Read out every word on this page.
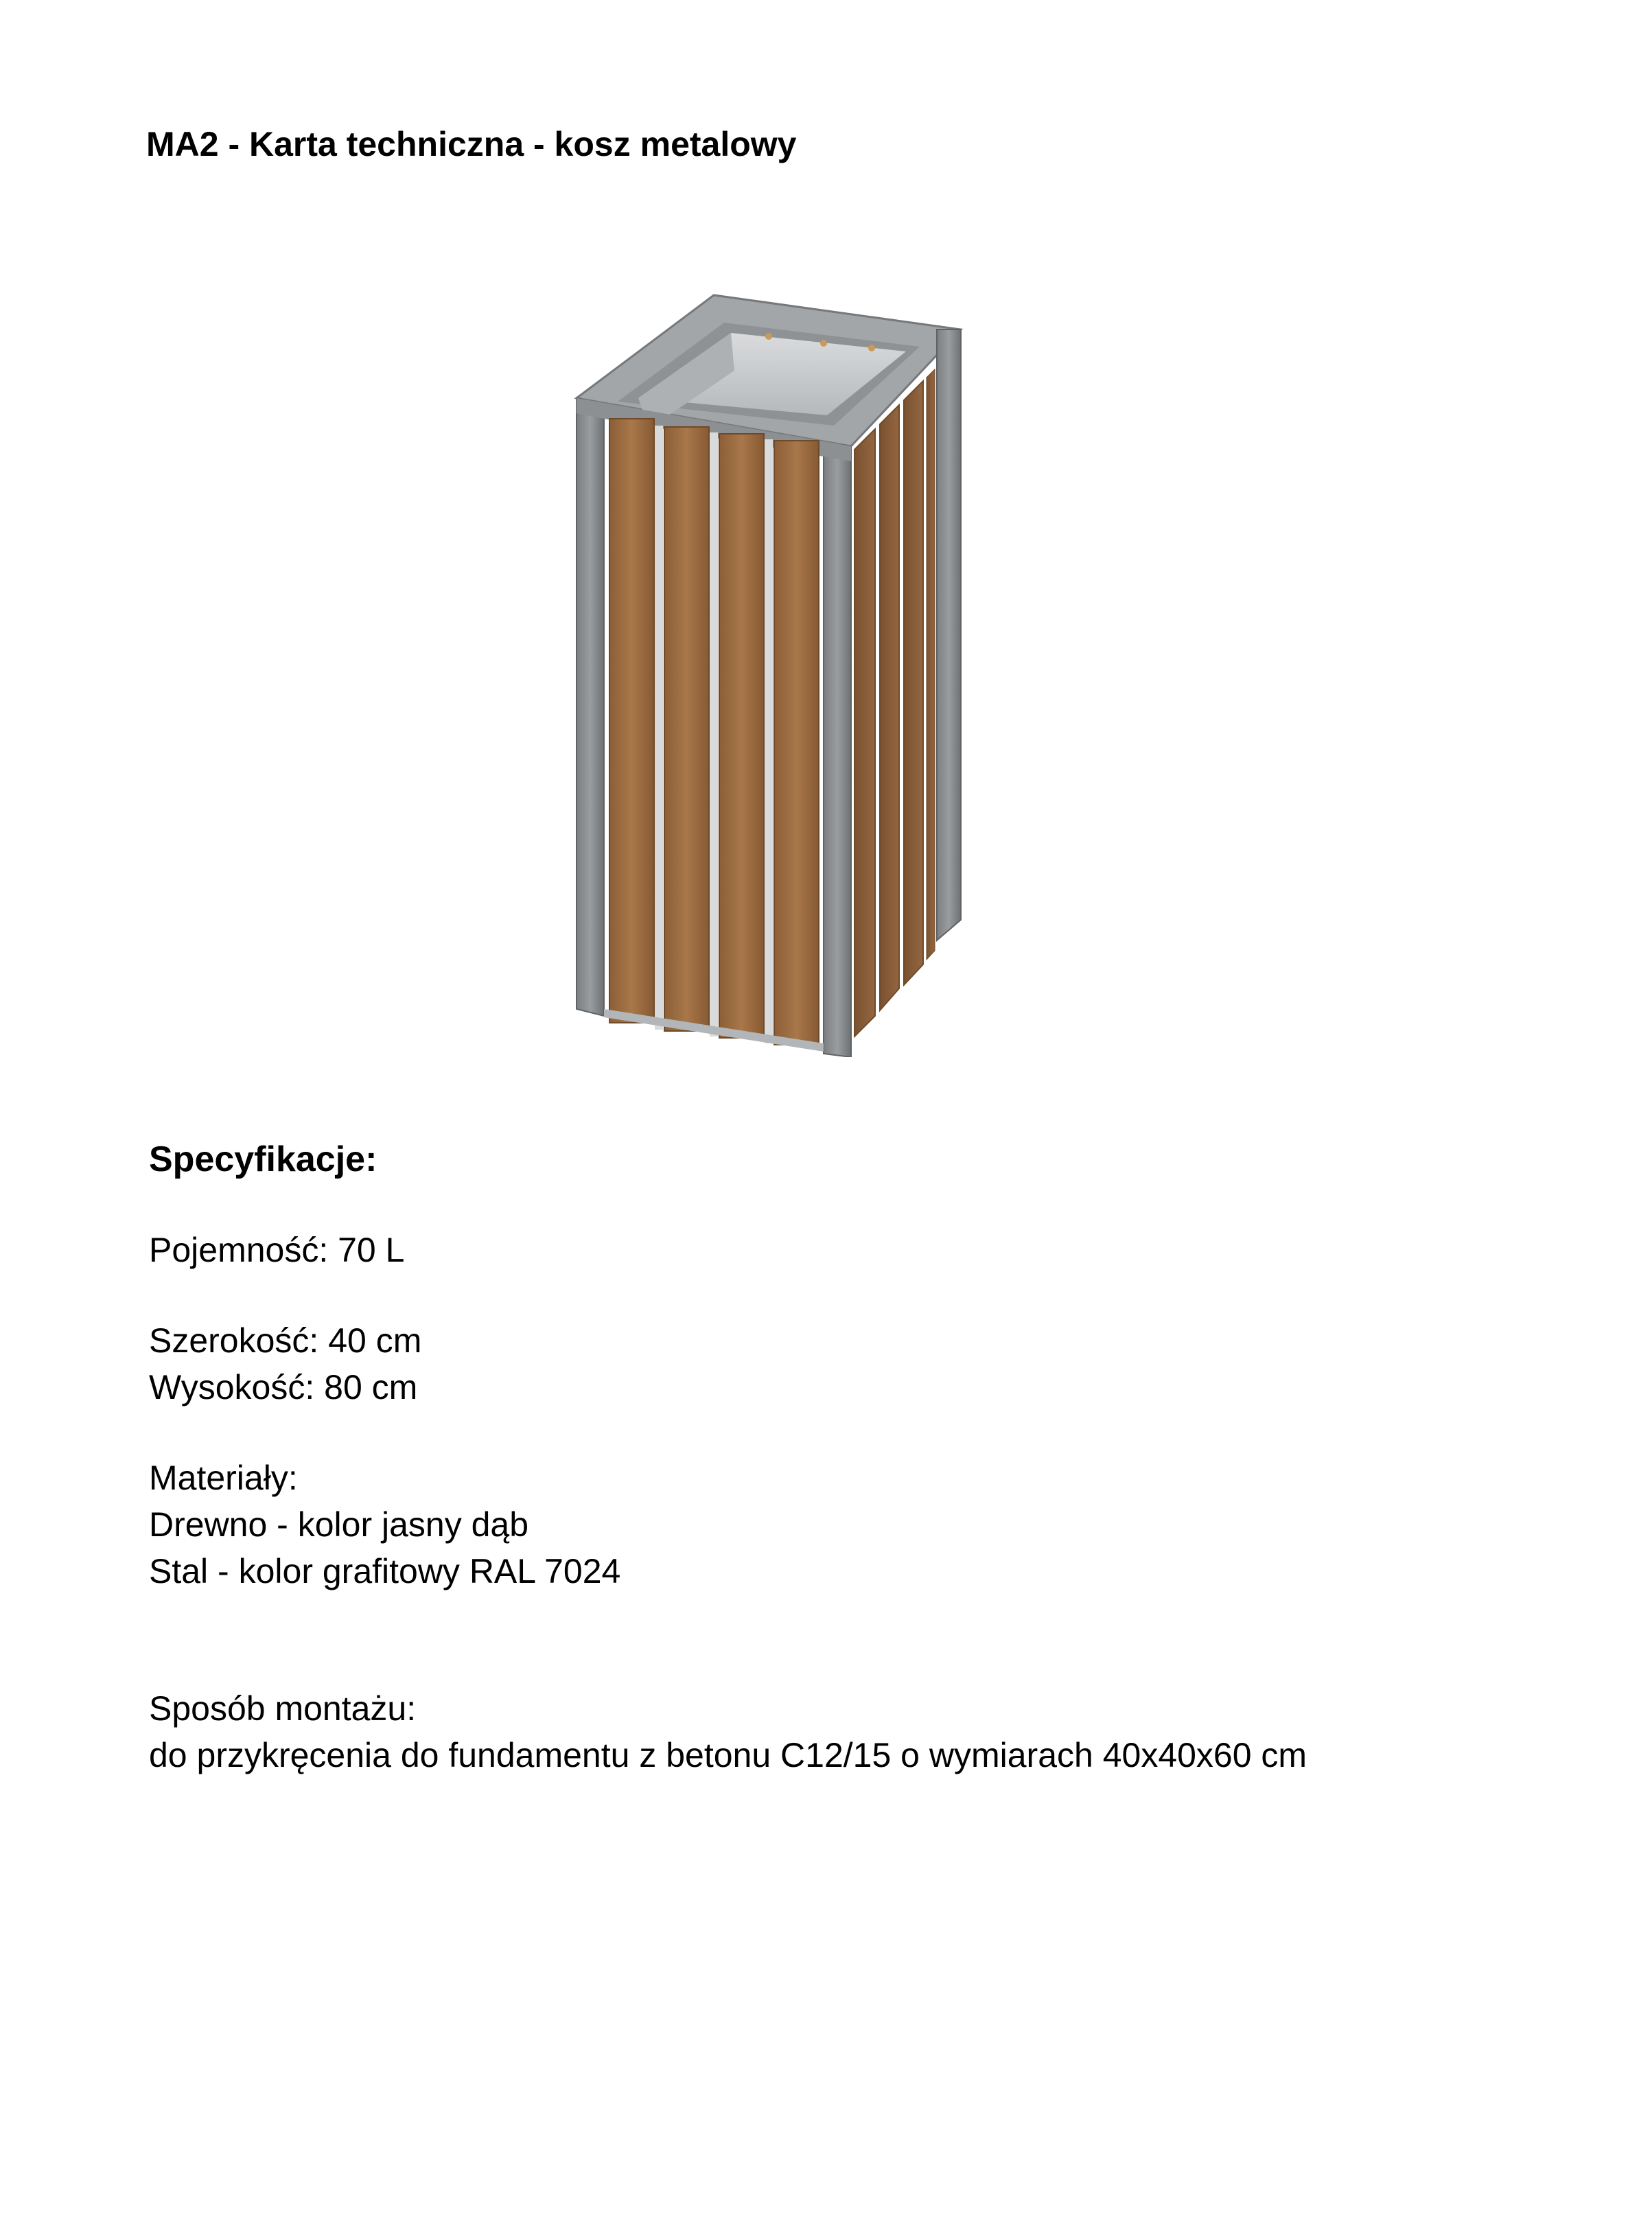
MA2 - Karta techniczna - kosz metalowy

Specyfikacje:

Pojemność: 70 L

Szerokość: 40 cm

Wysokość: 80 cm

Materiały:

Drewno - kolor jasny dąb

Stal - kolor grafitowy RAL 7024

Sposób montażu:

do przykręcenia do fundamentu z betonu C12/15 o wymiarach 40x40x60 cm
